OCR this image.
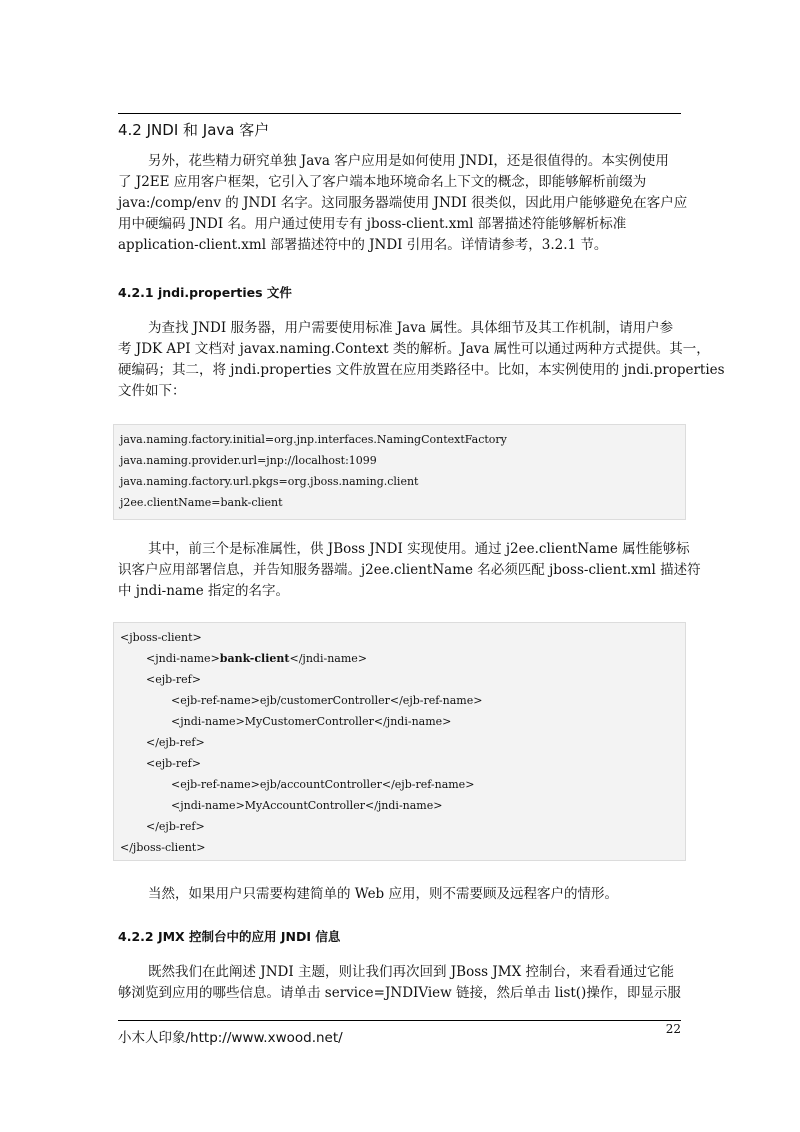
4.2 JNDI 和 Java 客户
另外，花些精力研究单独 Java 客户应用是如何使用 JNDI，还是很值得的。本实例使用
了 J2EE 应用客户框架，它引入了客户端本地环境命名上下文的概念，即能够解析前缀为
java:/comp/env 的 JNDI 名字。这同服务器端使用 JNDI 很类似，因此用户能够避免在客户应
用中硬编码 JNDI 名。用户通过使用专有 jboss-client.xml 部署描述符能够解析标准
application-client.xml 部署描述符中的 JNDI 引用名。详情请参考，3.2.1 节。
4.2.1 jndi.properties 文件
为查找 JNDI 服务器，用户需要使用标准 Java 属性。具体细节及其工作机制，请用户参
考 JDK API 文档对 javax.naming.Context 类的解析。Java 属性可以通过两种方式提供。其一，
硬编码；其二，将 jndi.properties 文件放置在应用类路径中。比如，本实例使用的 jndi.properties
文件如下：
java.naming.factory.initial=org.jnp.interfaces.NamingContextFactory
java.naming.provider.url=jnp://localhost:1099
java.naming.factory.url.pkgs=org.jboss.naming.client
j2ee.clientName=bank-client
其中，前三个是标准属性，供 JBoss JNDI 实现使用。通过 j2ee.clientName 属性能够标
识客户应用部署信息，并告知服务器端。j2ee.clientName 名必须匹配 jboss-client.xml 描述符
中 jndi-name 指定的名字。
<jboss-client>
<jndi-name>bank-client</jndi-name>
<ejb-ref>
<ejb-ref-name>ejb/customerController</ejb-ref-name>
<jndi-name>MyCustomerController</jndi-name>
</ejb-ref>
<ejb-ref>
<ejb-ref-name>ejb/accountController</ejb-ref-name>
<jndi-name>MyAccountController</jndi-name>
</ejb-ref>
</jboss-client>
当然，如果用户只需要构建简单的 Web 应用，则不需要顾及远程客户的情形。
4.2.2 JMX 控制台中的应用 JNDI 信息
既然我们在此阐述 JNDI 主题，则让我们再次回到 JBoss JMX 控制台，来看看通过它能
够浏览到应用的哪些信息。请单击 service=JNDIView 链接，然后单击 list()操作，即显示服
小木人印象/http://www.xwood.net/
22
